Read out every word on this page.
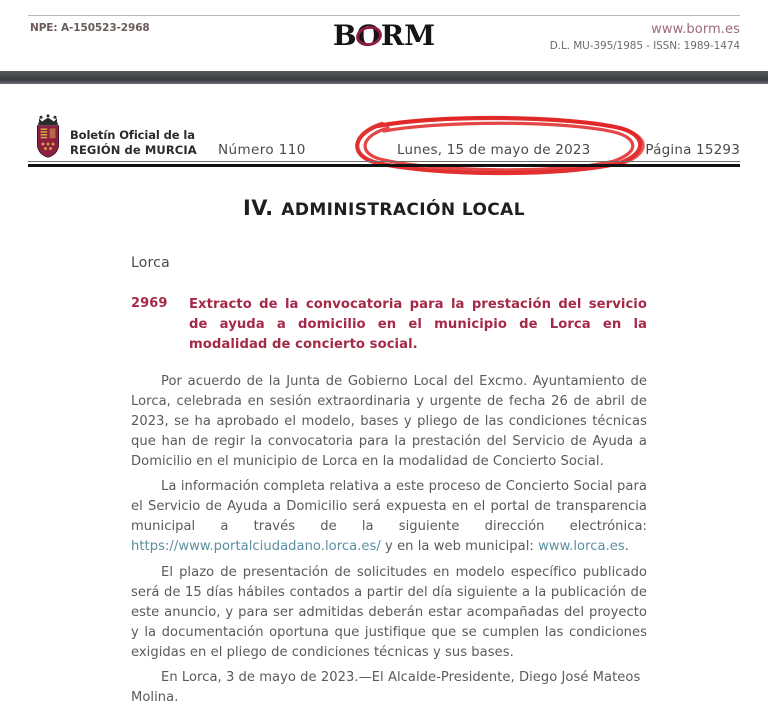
NPE: A-150523-2968	BO
RM	www.borm.es
D.L. MU-395/1985 - ISSN: 1989-1474
Boletín Oficial de la
REGIÓN de MURCIA Número 110	Lunes, 15 de mayo de 2023	Página 15293
IV. ADMINISTRACIÓN LOCAL
Lorca
2969 Extracto de la convocatoria para la prestación del servicio de ayuda a domicilio en el municipio de Lorca en la modalidad de concierto social.

Por acuerdo de la Junta de Gobierno Local del Excmo. Ayuntamiento de Lorca, celebrada en sesión extraordinaria y urgente de fecha 26 de abril de 2023, se ha aprobado el modelo, bases y pliego de las condiciones técnicas que han de regir la convocatoria para la prestación del Servicio de Ayuda a Domicilio en el municipio de Lorca en la modalidad de Concierto Social.

La información completa relativa a este proceso de Concierto Social para el Servicio de Ayuda a Domicilio será expuesta en el portal de transparencia municipal a través de la siguiente dirección electrónica: https://www.portalciudadano.lorca.es/ y en la web municipal: www.lorca.es.

El plazo de presentación de solicitudes en modelo específico publicado será de 15 días hábiles contados a partir del día siguiente a la publicación de este anuncio, y para ser admitidas deberán estar acompañadas del proyecto y la documentación oportuna que justifique que se cumplen las condiciones exigidas en el pliego de condiciones técnicas y sus bases.

En Lorca, 3 de mayo de 2023.—El Alcalde-Presidente, Diego José Mateos Molina.
